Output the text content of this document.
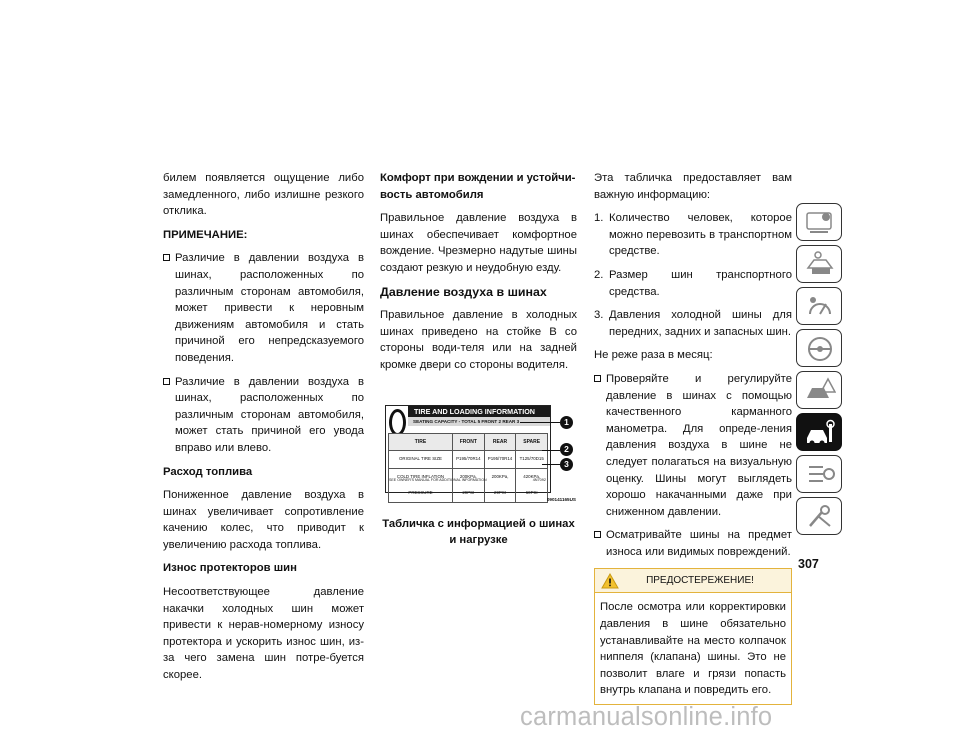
билем появляется ощущение либо замедленного, либо излишне резкого отклика.
ПРИМЕЧАНИЕ:
Различие в давлении воздуха в шинах, расположенных по различным сторонам автомобиля, может привести к неровным движениям автомобиля и стать причиной его непредсказуемого поведения.
Различие в давлении воздуха в шинах, расположенных по различным сторонам автомобиля, может стать причиной его увода вправо или влево.
Расход топлива
Пониженное давление воздуха в шинах увеличивает сопротивление качению колес, что приводит к увеличению расхода топлива.
Износ протекторов шин
Несоответствующее давление накачки холодных шин может привести к нерав-номерному износу протектора и ускорить износ шин, из-за чего замена шин потре-буется скорее.
Комфорт при вождении и устойчи-вость автомобиля
Правильное давление воздуха в шинах обеспечивает комфортное вождение. Чрезмерно надутые шины создают резкую и неудобную езду.
Давление воздуха в шинах
Правильное давление в холодных шинах приведено на стойке B со стороны води-теля или на задней кромке двери со стороны водителя.
TIRE AND LOADING INFORMATION
SEATING CAPACITY - TOTAL 5 FRONT 2 REAR 3
TIRE	FRONT	REAR	SPARE
ORIGINAL TIRE SIZE	P195/70R14	P195/70R14	T125/70D15
COLD TIRE INFLATION PRESSURE	200KPa, 29PSI	200KPa, 29PSI	420KPa, 60PSI
SEE OWNER'S MANUAL FOR ADDITIONAL INFORMATION	4N7092
1
2
3
090141165US
Табличка с информацией о шинах и нагрузке
Эта табличка предоставляет вам важную информацию:
1. Количество человек, которое можно перевозить в транспортном средстве.
2. Размер шин транспортного средства.
3. Давления холодной шины для передних, задних и запасных шин.
Не реже раза в месяц:
Проверяйте и регулируйте давление в шинах с помощью качественного карманного манометра. Для опреде-ления давления воздуха в шине не следует полагаться на визуальную оценку. Шины могут выглядеть хорошо накачанными даже при сниженном давлении.
Осматривайте шины на предмет износа или видимых повреждений.
ПРЕДОСТЕРЕЖЕНИЕ!
После осмотра или корректировки давления в шине обязательно устанавливайте на место колпачок ниппеля (клапана) шины. Это не позволит влаге и грязи попасть внутрь клапана и повредить его.
307
carmanualsonline.info
